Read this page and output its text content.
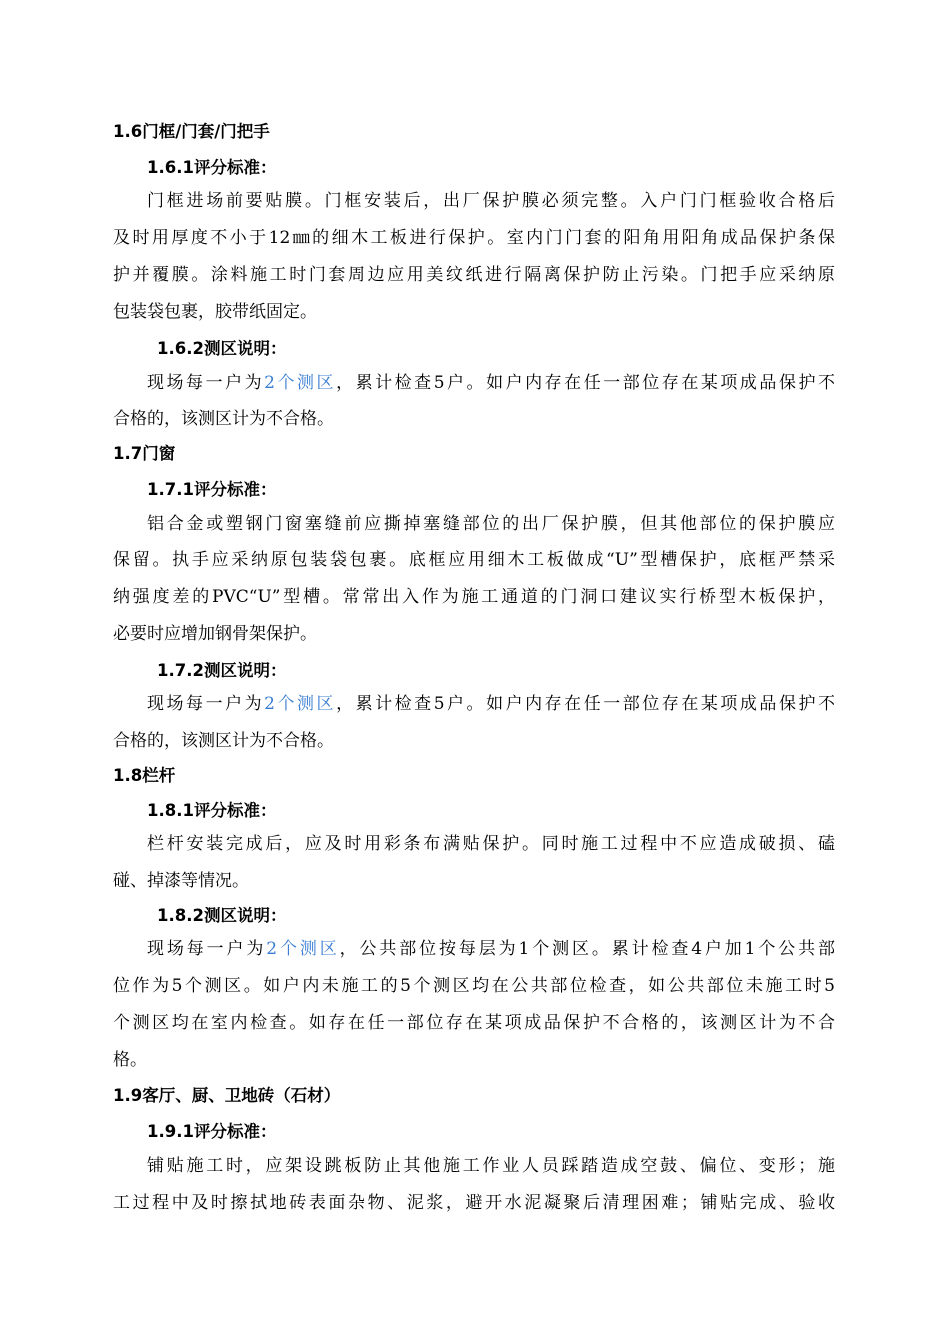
1.6门框/门套/门把手
1.6.1评分标准：
门框进场前要贴膜。门框安装后，出厂保护膜必须完整。入户门门框验收合格后
及时用厚度不小于12㎜的细木工板进行保护。室内门门套的阳角用阳角成品保护条保
护并覆膜。涂料施工时门套周边应用美纹纸进行隔离保护防止污染。门把手应采纳原
包装袋包裹，胶带纸固定。
1.6.2测区说明：
现场每一户为2个测区，累计检查5户。如户内存在任一部位存在某项成品保护不
合格的，该测区计为不合格。
1.7门窗
1.7.1评分标准：
铝合金或塑钢门窗塞缝前应撕掉塞缝部位的出厂保护膜，但其他部位的保护膜应
保留。执手应采纳原包装袋包裹。底框应用细木工板做成“U”型槽保护，底框严禁采
纳强度差的PVC“U”型槽。常常出入作为施工通道的门洞口建议实行桥型木板保护，
必要时应增加钢骨架保护。
1.7.2测区说明：
现场每一户为2个测区，累计检查5户。如户内存在任一部位存在某项成品保护不
合格的，该测区计为不合格。
1.8栏杆
1.8.1评分标准：
栏杆安装完成后，应及时用彩条布满贴保护。同时施工过程中不应造成破损、磕
碰、掉漆等情况。
1.8.2测区说明：
现场每一户为2个测区，公共部位按每层为1个测区。累计检查4户加1个公共部
位作为5个测区。如户内未施工的5个测区均在公共部位检查，如公共部位未施工时5
个测区均在室内检查。如存在任一部位存在某项成品保护不合格的，该测区计为不合
格。
1.9客厅、厨、卫地砖（石材）
1.9.1评分标准：
铺贴施工时，应架设跳板防止其他施工作业人员踩踏造成空鼓、偏位、变形；施
工过程中及时擦拭地砖表面杂物、泥浆，避开水泥凝聚后清理困难；铺贴完成、验收
